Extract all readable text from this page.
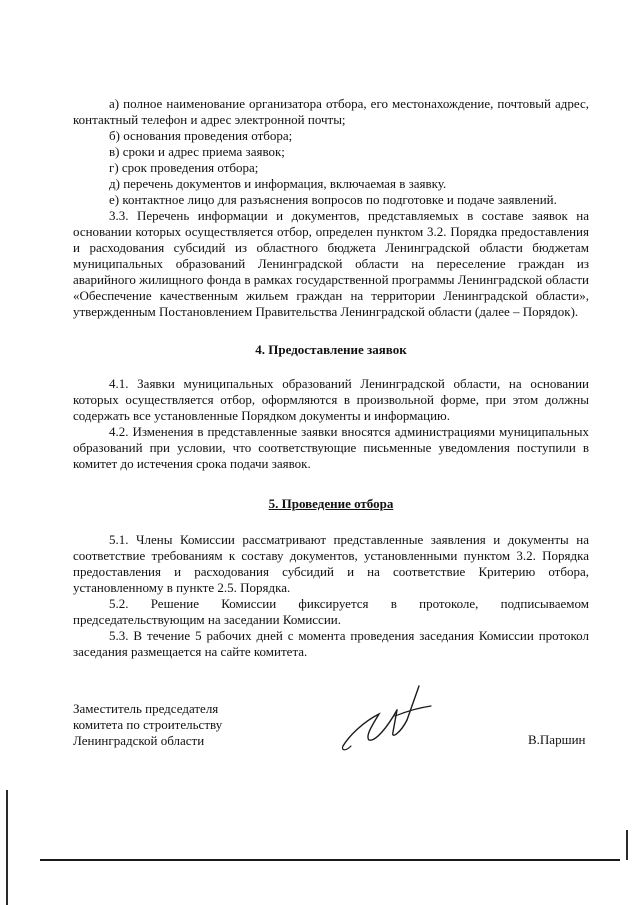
а) полное наименование организатора отбора, его местонахождение, почтовый адрес, контактный телефон и адрес электронной почты;

б) основания проведения отбора;

в) сроки и адрес приема заявок;

г) срок проведения отбора;

д) перечень документов и информация, включаемая в заявку.

е) контактное лицо для разъяснения вопросов по подготовке и подаче заявлений.

3.3. Перечень информации и документов, представляемых в составе заявок на основании которых осуществляется отбор, определен пунктом 3.2. Порядка предоставления и расходования субсидий из областного бюджета Ленинградской области бюджетам муниципальных образований Ленинградской области на переселение граждан из аварийного жилищного фонда в рамках государственной программы Ленинградской области «Обеспечение качественным жильем граждан на территории Ленинградской области», утвержденным Постановлением Правительства Ленинградской области (далее – Порядок).

4. Предоставление заявок

4.1. Заявки муниципальных образований Ленинградской области, на основании которых осуществляется отбор, оформляются в произвольной форме, при этом должны содержать все установленные Порядком документы и информацию.

4.2. Изменения в представленные заявки вносятся администрациями муниципальных образований при условии, что соответствующие письменные уведомления поступили в комитет до истечения срока подачи заявок.

5. Проведение отбора

5.1. Члены Комиссии рассматривают представленные заявления и документы на соответствие требованиям к составу документов, установленными пунктом 3.2. Порядка предоставления и расходования субсидий и на соответствие Критерию отбора, установленному в пункте 2.5. Порядка.

5.2. Решение Комиссии фиксируется в протоколе, подписываемом председательствующим на заседании Комиссии.

5.3. В течение 5 рабочих дней с момента проведения заседания Комиссии протокол заседания размещается на сайте комитета.

Заместитель председателя
комитета по строительству
Ленинградской области	В.Паршин
